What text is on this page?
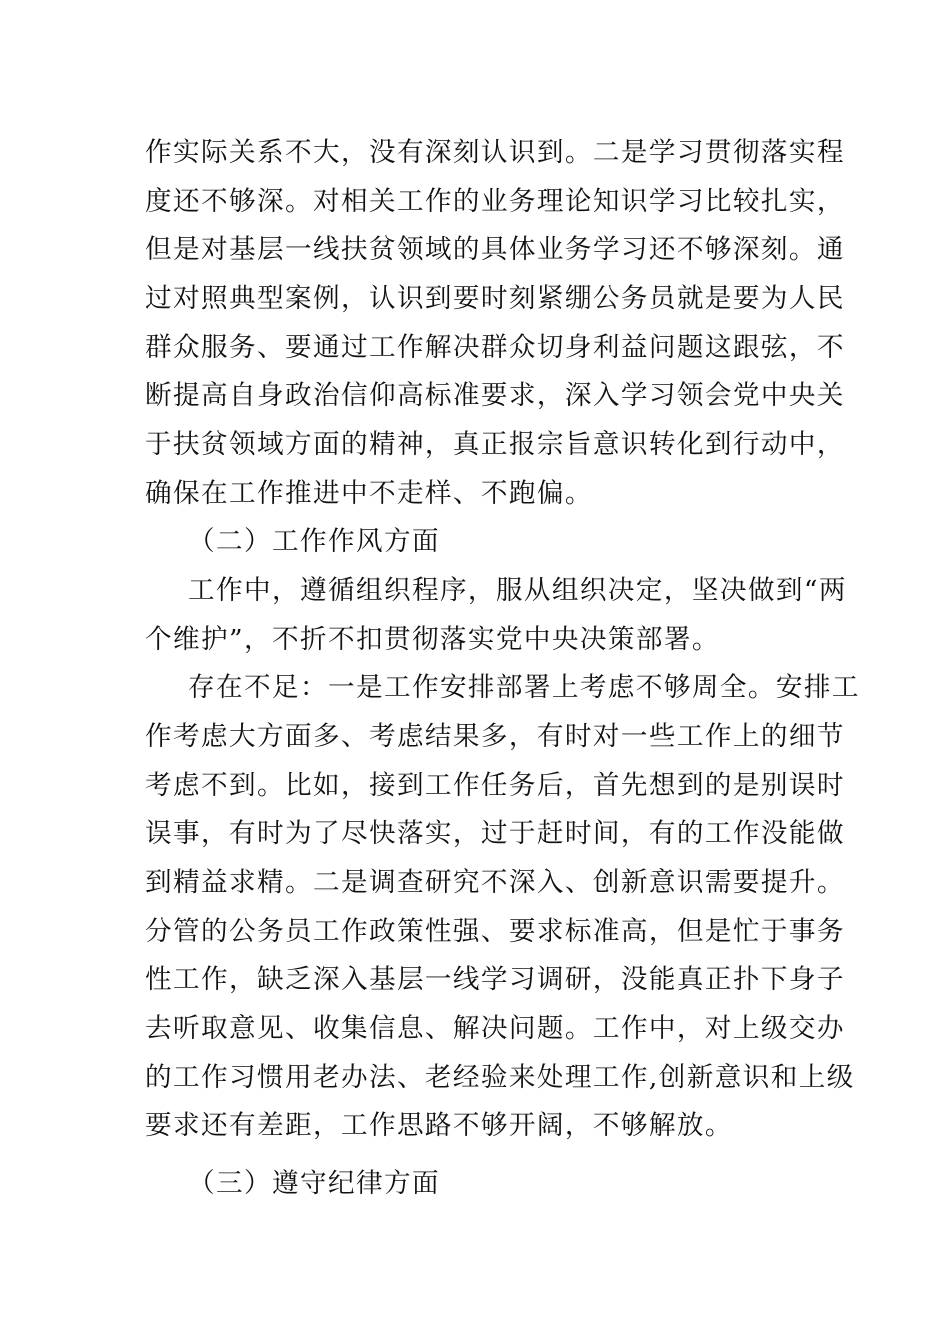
作实际关系不大，没有深刻认识到。二是学习贯彻落实程
度还不够深。对相关工作的业务理论知识学习比较扎实，
但是对基层一线扶贫领域的具体业务学习还不够深刻。通
过对照典型案例，认识到要时刻紧绷公务员就是要为人民
群众服务、要通过工作解决群众切身利益问题这跟弦，不
断提高自身政治信仰高标准要求，深入学习领会党中央关
于扶贫领域方面的精神，真正报宗旨意识转化到行动中，
确保在工作推进中不走样、不跑偏。
（二）工作作风方面
工作中，遵循组织程序，服从组织决定，坚决做到“两
个维护”，不折不扣贯彻落实党中央决策部署。
存在不足：一是工作安排部署上考虑不够周全。安排工
作考虑大方面多、考虑结果多，有时对一些工作上的细节
考虑不到。比如，接到工作任务后，首先想到的是别误时
误事，有时为了尽快落实，过于赶时间，有的工作没能做
到精益求精。二是调查研究不深入、创新意识需要提升。
分管的公务员工作政策性强、要求标准高，但是忙于事务
性工作，缺乏深入基层一线学习调研，没能真正扑下身子
去听取意见、收集信息、解决问题。工作中，对上级交办
的工作习惯用老办法、老经验来处理工作,创新意识和上级
要求还有差距，工作思路不够开阔，不够解放。
（三）遵守纪律方面
